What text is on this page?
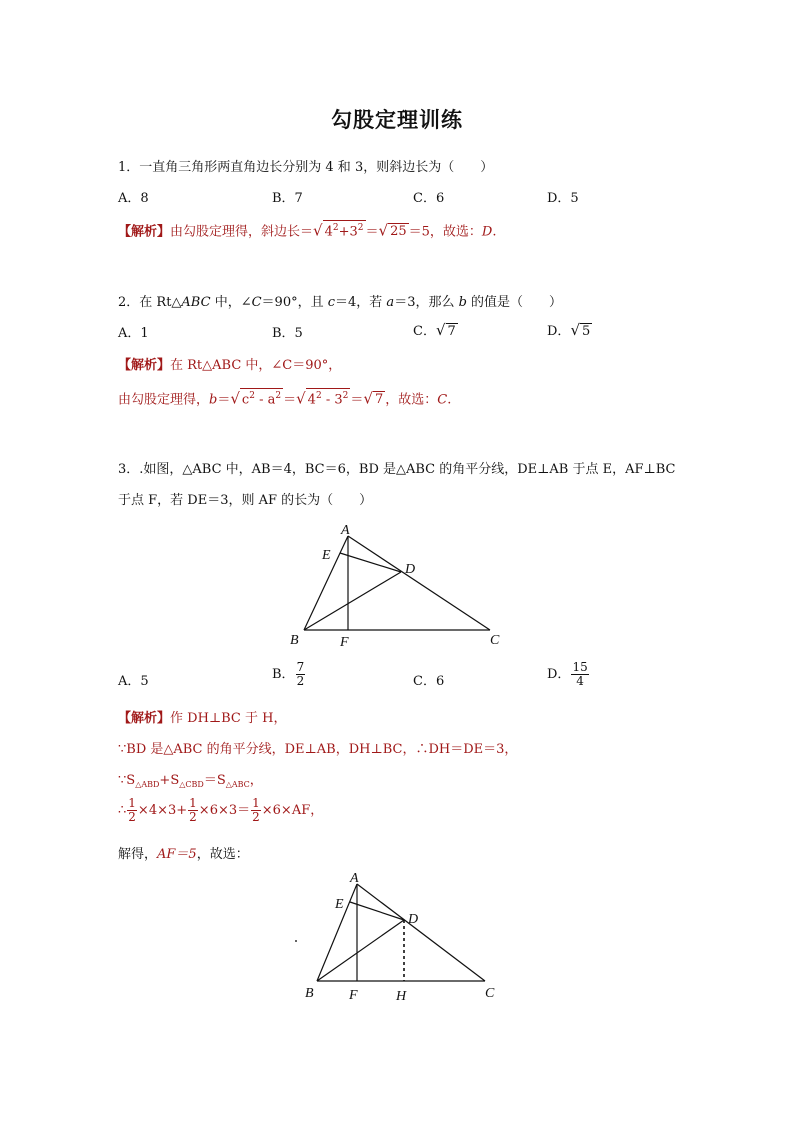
勾股定理训练
1．一直角三角形两直角边长分别为 4 和 3，则斜边长为（　　）
A．8	B．7	C．6	D．5
【解析】由勾股定理得，斜边长＝√ $4^2+3^2$ ＝√ 25 ＝5，故选：D.
2．在 Rt△ABC 中，∠C＝90°，且 c＝4，若 a＝3，那么 b 的值是（　　）
A．1	B．5	C．√ 7	D．√ 5
【解析】在 Rt△ABC 中，∠C＝90°，
由勾股定理得，b＝√ $c^2 - a^2$ ＝√ $4^2 - 3^2$ ＝√ 7 ，故选：C.
3．.如图，△ABC 中，AB＝4，BC＝6，BD 是△ABC 的角平分线，DE⊥AB 于点 E，AF⊥BC
于点 F，若 DE＝3，则 AF 的长为（　　）
A
E
D
B	F	C
A．5	B． $\frac{7}{2}$	C．6	D． $\frac{15}{4}$
【解析】作 DH⊥BC 于 H，
∵BD 是△ABC 的角平分线，DE⊥AB，DH⊥BC，∴DH＝DE＝3，
$\because S_{\triangle ABD}+S_{\triangle CBD}=S_{\triangle ABC}$，
∴ $\frac{1}{2} \times 4\times 3+ \frac{1}{2} \times 6\times 3= \frac{1}{2} \times 6\times AF$，
解得，AF＝5，故选：
A
E
D
B	F	H	C
